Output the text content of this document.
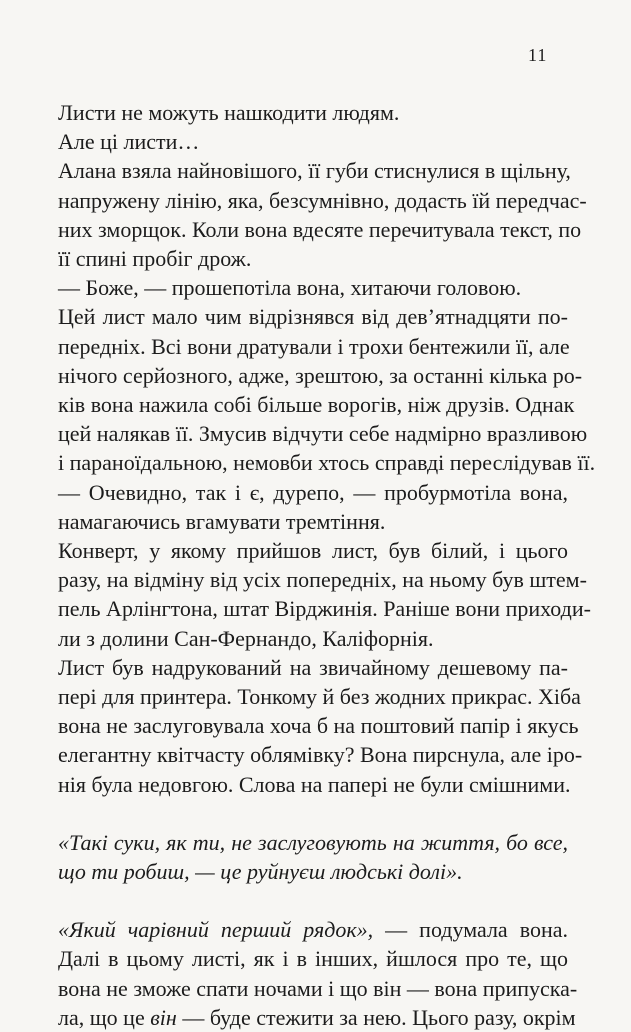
11
Листи не можуть нашкодити людям.
Але ці листи…
Алана взяла найновішого, її губи стиснулися в щільну,
напружену лінію, яка, безсумнівно, додасть їй передчас-
них зморщок. Коли вона вдесяте перечитувала текст, по
її спині пробіг дрож.
— Боже, — прошепотіла вона, хитаючи головою.
Цей лист мало чим відрізнявся від дев’ятнадцяти по-
передніх. Всі вони дратували і трохи бентежили її, але
нічого серйозного, адже, зрештою, за останні кілька ро-
ків вона нажила собі більше ворогів, ніж друзів. Однак
цей налякав її. Змусив відчути себе надмірно вразливою
і параноїдальною, немовби хтось справді переслідував її.
— Очевидно, так і є, дурепо, — пробурмотіла вона,
намагаючись вгамувати тремтіння.
Конверт, у якому прийшов лист, був білий, і цього
разу, на відміну від усіх попередніх, на ньому був штем-
пель Арлінгтона, штат Вірджинія. Раніше вони приходи-
ли з долини Сан-Фернандо, Каліфорнія.
Лист був надрукований на звичайному дешевому па-
пері для принтера. Тонкому й без жодних прикрас. Хіба
вона не заслуговувала хоча б на поштовий папір і якусь
елегантну квітчасту облямівку? Вона пирснула, але іро-
нія була недовгою. Слова на папері не були смішними.
«Такі суки, як ти, не заслуговують на життя, бо все,
що ти робиш, — це руйнуєш людські долі».
«Який чарівний перший рядок», — подумала вона.
Далі в цьому листі, як і в інших, йшлося про те, що
вона не зможе спати ночами і що він — вона припуска-
ла, що це він — буде стежити за нею. Цього разу, окрім
